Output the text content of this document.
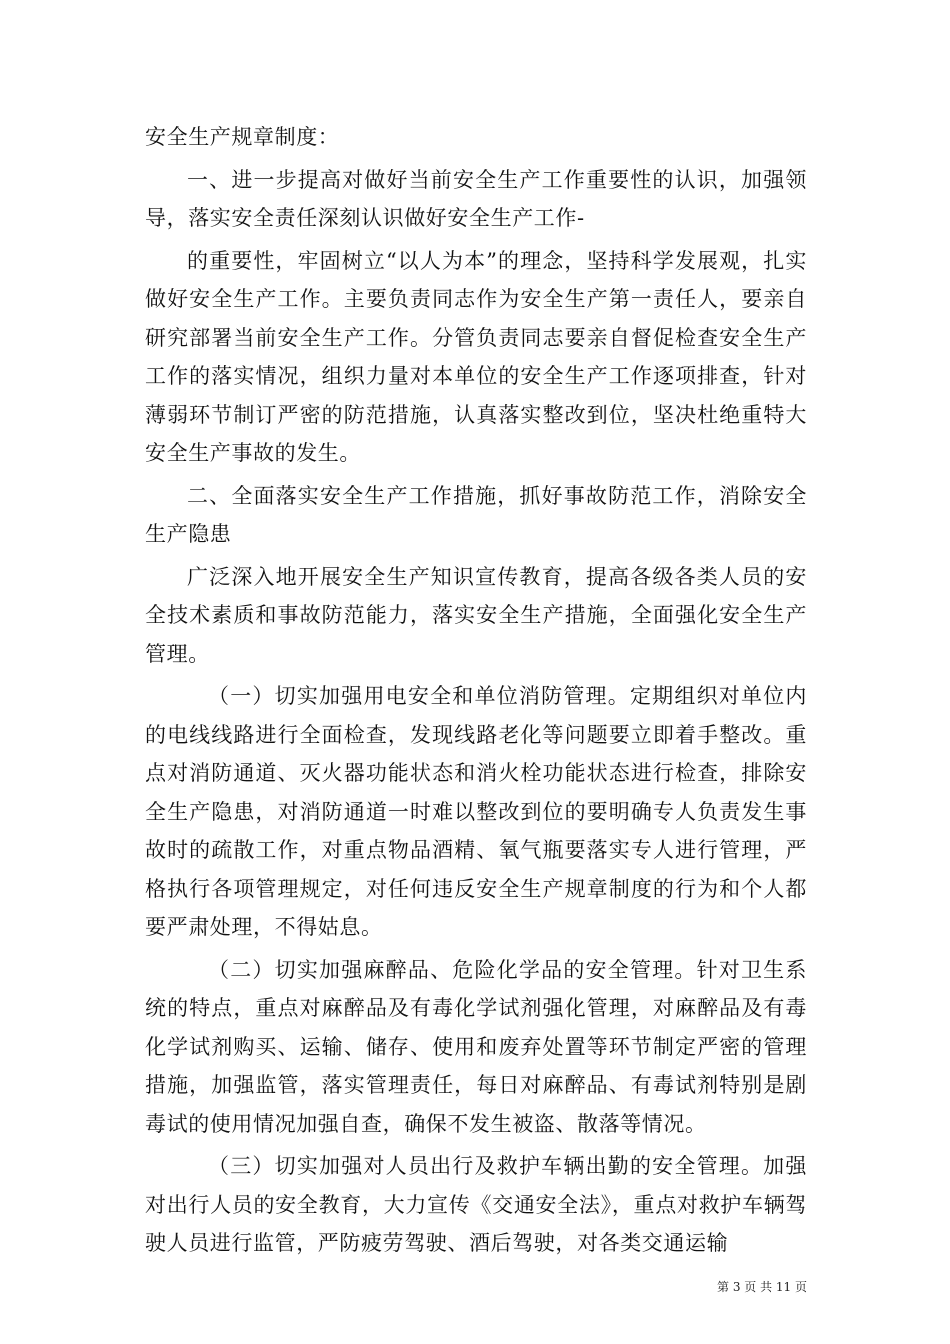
安全生产规章制度：

一、进一步提高对做好当前安全生产工作重要性的认识，加强领导，落实安全责任深刻认识做好安全生产工作-

的重要性，牢固树立“以人为本”的理念，坚持科学发展观，扎实做好安全生产工作。主要负责同志作为安全生产第一责任人，要亲自研究部署当前安全生产工作。分管负责同志要亲自督促检查安全生产工作的落实情况，组织力量对本单位的安全生产工作逐项排查，针对薄弱环节制订严密的防范措施，认真落实整改到位，坚决杜绝重特大安全生产事故的发生。

二、全面落实安全生产工作措施，抓好事故防范工作，消除安全生产隐患

广泛深入地开展安全生产知识宣传教育，提高各级各类人员的安全技术素质和事故防范能力，落实安全生产措施，全面强化安全生产管理。

（一）切实加强用电安全和单位消防管理。定期组织对单位内的电线线路进行全面检查，发现线路老化等问题要立即着手整改。重点对消防通道、灭火器功能状态和消火栓功能状态进行检查，排除安全生产隐患，对消防通道一时难以整改到位的要明确专人负责发生事故时的疏散工作，对重点物品酒精、氧气瓶要落实专人进行管理，严格执行各项管理规定，对任何违反安全生产规章制度的行为和个人都要严肃处理，不得姑息。

（二）切实加强麻醉品、危险化学品的安全管理。针对卫生系统的特点，重点对麻醉品及有毒化学试剂强化管理，对麻醉品及有毒化学试剂购买、运输、储存、使用和废弃处置等环节制定严密的管理措施，加强监管，落实管理责任，每日对麻醉品、有毒试剂特别是剧毒试的使用情况加强自查，确保不发生被盗、散落等情况。

（三）切实加强对人员出行及救护车辆出勤的安全管理。加强对出行人员的安全教育，大力宣传《交通安全法》，重点对救护车辆驾驶人员进行监管，严防疲劳驾驶、酒后驾驶，对各类交通运输

第 3 页 共 11 页
